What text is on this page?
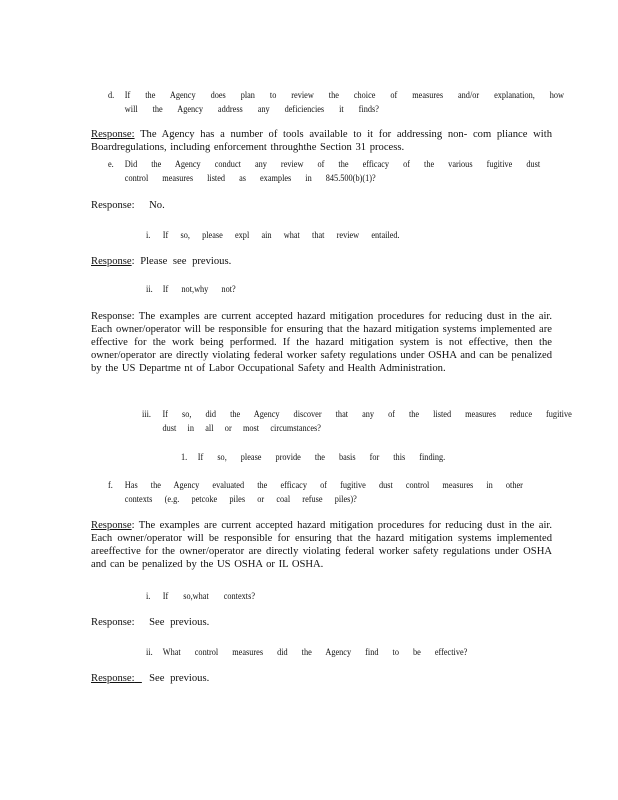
d. If the Agency does plan to review the choice of measures and/or explanation, how
will the Agency address any deficiencies it finds?
Response: The Agency has a number of tools available to it for addressing non- com pliance with Boardregulations, including enforcement throughthe Section 31 process.
e. Did the Agency conduct any review of the efficacy of the various fugitive dust
control measures listed as examples in 845.500(b)(1)?
Response: No.
i. If so, please expl ain what that review entailed.
Response: Please see previous.
ii. If not,why not?
Response: The examples are current accepted hazard mitigation procedures for reducing dust in the air. Each owner/operator will be responsible for ensuring that the hazard mitigation systems implemented are effective for the work being performed. If the hazard mitigation system is not effective, then the owner/operator are directly violating federal worker safety regulations under OSHA and can be penalized by the US Departme nt of Labor Occupational Safety and Health Administration.
iii. If so, did the Agency discover that any of the listed measures reduce fugitive
dust in all or most circumstances?
1. If so, please provide the basis for this finding.
f. Has the Agency evaluated the efficacy of fugitive dust control measures in other
contexts (e.g. petcoke piles or coal refuse piles)?
Response: The examples are current accepted hazard mitigation procedures for reducing dust in the air. Each owner/operator will be responsible for ensuring that the hazard mitigation systems implemented areeffective for the owner/operator are directly violating federal worker safety regulations under OSHA and can be penalized by the US OSHA or IL OSHA.
i. If so,what contexts?
Response: See previous.
ii. What control measures did the Agency find to be effective?
Response: See previous.
